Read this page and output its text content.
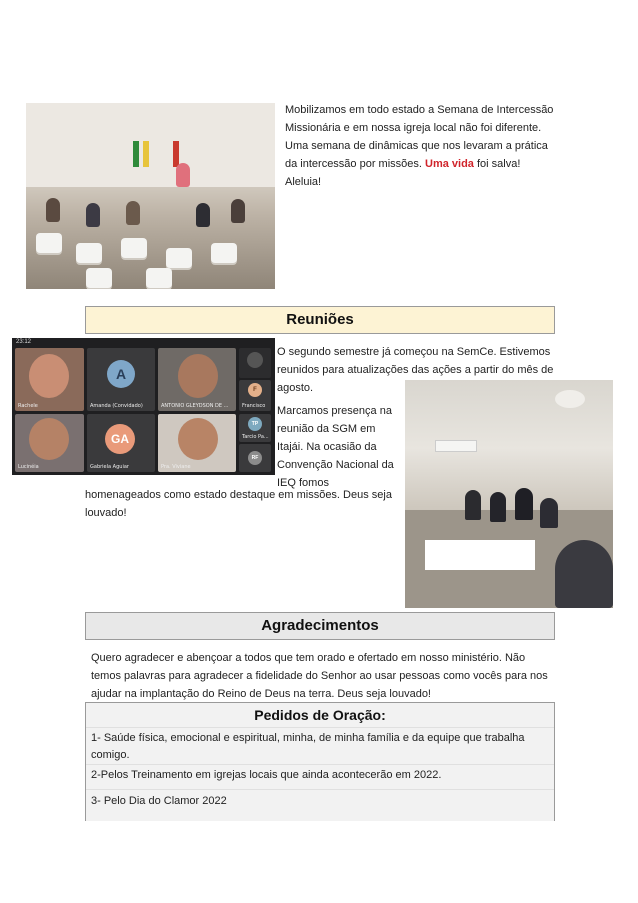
Mobilizamos em todo estado a Semana de Intercessão
Missionária e em nossa igreja local não foi diferente.
Uma semana de dinâmicas que nos levaram a prática
da intercessão por missões. Uma vida foi salva!
Aleluia!
Reuniões
23:12
Rachele
A
Amanda (Convidado)	ANTONIO GLEYDSON DE ...
F
Francisco
Lucinéia
GA
Gabriela Aguiar	Pra. Viviane
TP
Tarcio Pa...
RF
O segundo semestre já começou na SemCe. Estivemos
reunidos para atualizações das ações a partir do mês de
agosto.
Marcamos presença na
reunião da SGM em
Itajái. Na ocasião da
Convenção Nacional da
IEQ fomos
homenageados como estado destaque em missões. Deus seja
louvado!
Agradecimentos
Quero agradecer e abençoar a todos que tem orado e ofertado em nosso ministério. Não
temos palavras para agradecer a fidelidade do Senhor ao usar pessoas como vocês para nos
ajudar na implantação do Reino de Deus na terra. Deus seja louvado!
Pedidos de Oração:
1- Saúde física, emocional e espiritual, minha, de minha família e da equipe que trabalha
comigo.
2-Pelos Treinamento em igrejas locais que ainda acontecerão em 2022.
3- Pelo Dia do Clamor 2022
